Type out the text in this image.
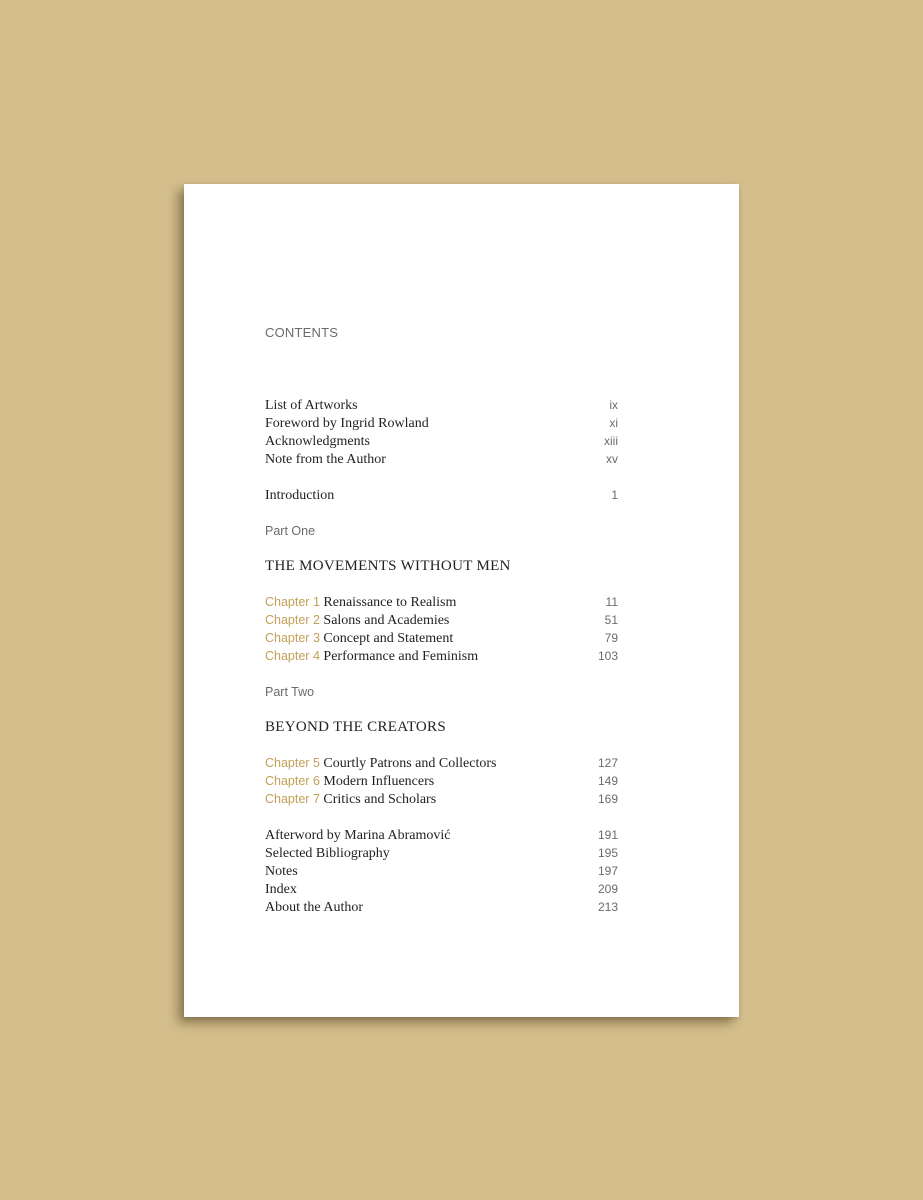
CONTENTS
List of Artworks	ix
Foreword by Ingrid Rowland	xi
Acknowledgments	xiii
Note from the Author	xv
Introduction	1
Part One
THE MOVEMENTS WITHOUT MEN
Chapter 1 Renaissance to Realism	11
Chapter 2 Salons and Academies	51
Chapter 3 Concept and Statement	79
Chapter 4 Performance and Feminism	103
Part Two
BEYOND THE CREATORS
Chapter 5 Courtly Patrons and Collectors	127
Chapter 6 Modern Influencers	149
Chapter 7 Critics and Scholars	169
Afterword by Marina Abramović	191
Selected Bibliography	195
Notes	197
Index	209
About the Author	213
